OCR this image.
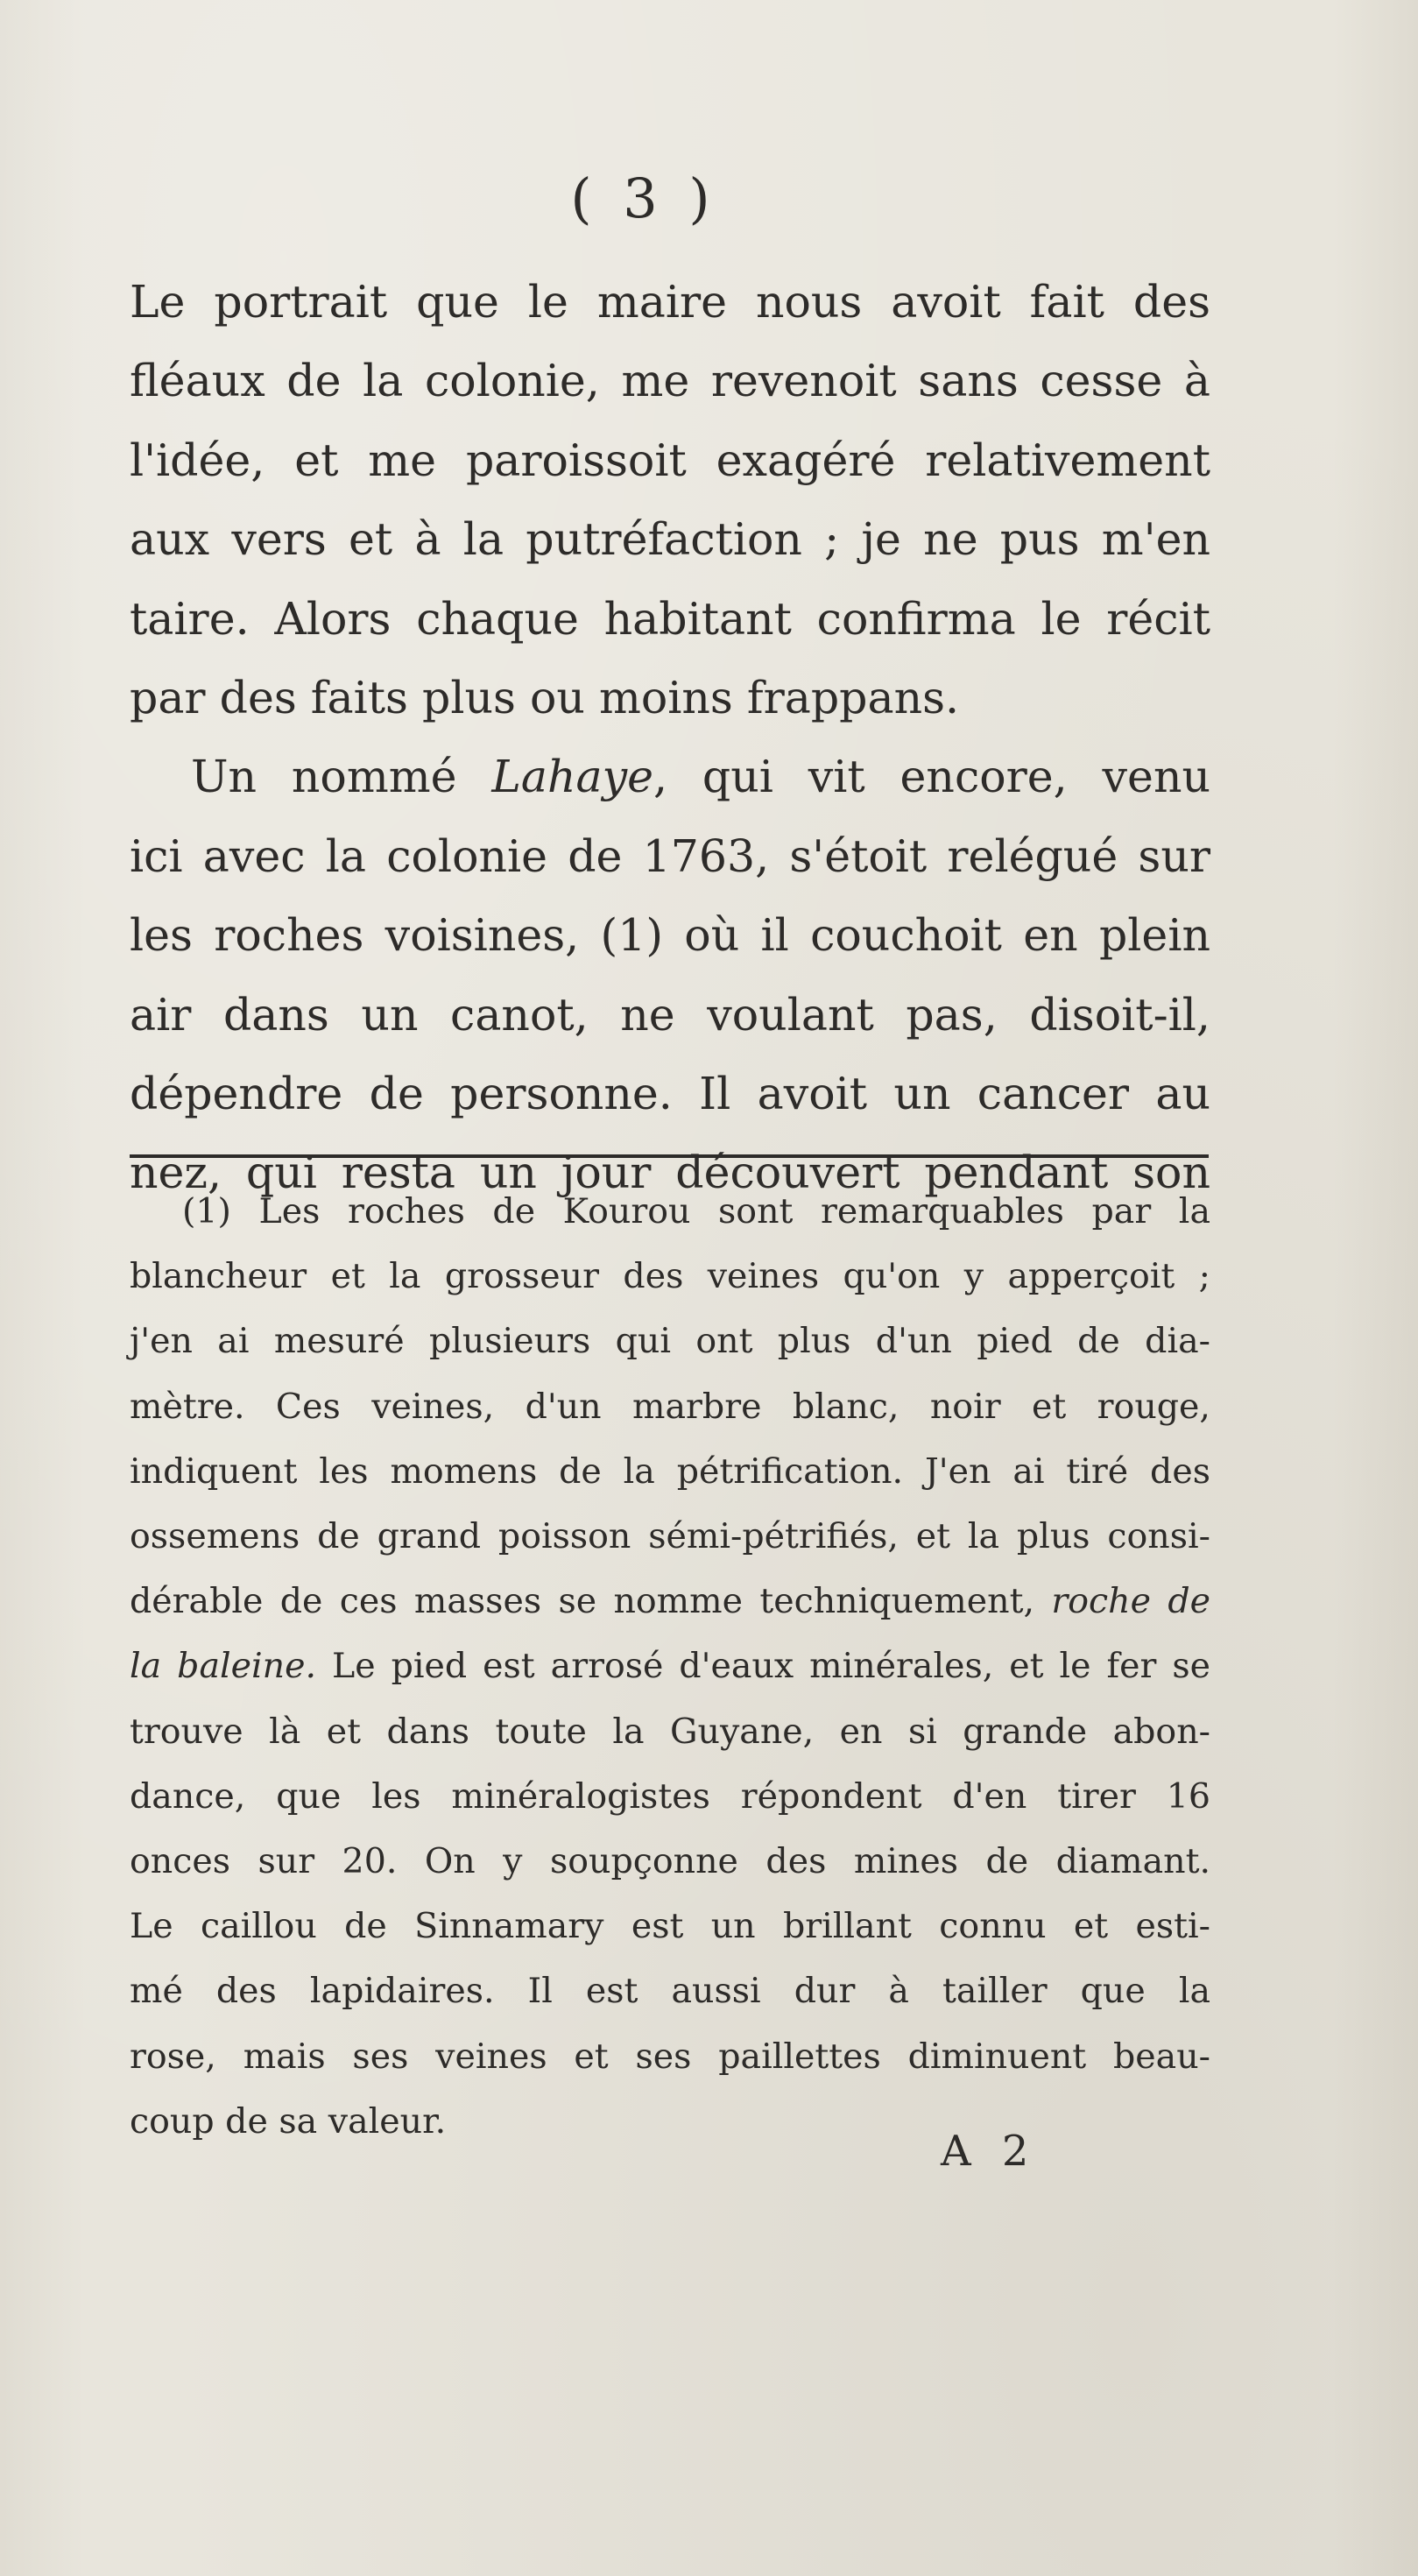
( 3 )
Le portrait que le maire nous avoit fait des
fléaux de la colonie, me revenoit sans cesse à
l'idée, et me paroissoit exagéré relativement
aux vers et à la putréfaction ; je ne pus m'en
taire. Alors chaque habitant confirma le récit
par des faits plus ou moins frappans.
Un nommé Lahaye, qui vit encore, venu
ici avec la colonie de 1763, s'étoit relégué sur
les roches voisines, (1) où il couchoit en plein
air dans un canot, ne voulant pas, disoit-il,
dépendre de personne. Il avoit un cancer au
nez, qui resta un jour découvert pendant son
(1) Les roches de Kourou sont remarquables par la
blancheur et la grosseur des veines qu'on y apperçoit ;
j'en ai mesuré plusieurs qui ont plus d'un pied de dia-
mètre. Ces veines, d'un marbre blanc, noir et rouge,
indiquent les momens de la pétrification. J'en ai tiré des
ossemens de grand poisson sémi-pétrifiés, et la plus consi-
dérable de ces masses se nomme techniquement, roche de
la baleine. Le pied est arrosé d'eaux minérales, et le fer se
trouve là et dans toute la Guyane, en si grande abon-
dance, que les minéralogistes répondent d'en tirer 16
onces sur 20. On y soupçonne des mines de diamant.
Le caillou de Sinnamary est un brillant connu et esti-
mé des lapidaires. Il est aussi dur à tailler que la
rose, mais ses veines et ses paillettes diminuent beau-
coup de sa valeur.
A 2
